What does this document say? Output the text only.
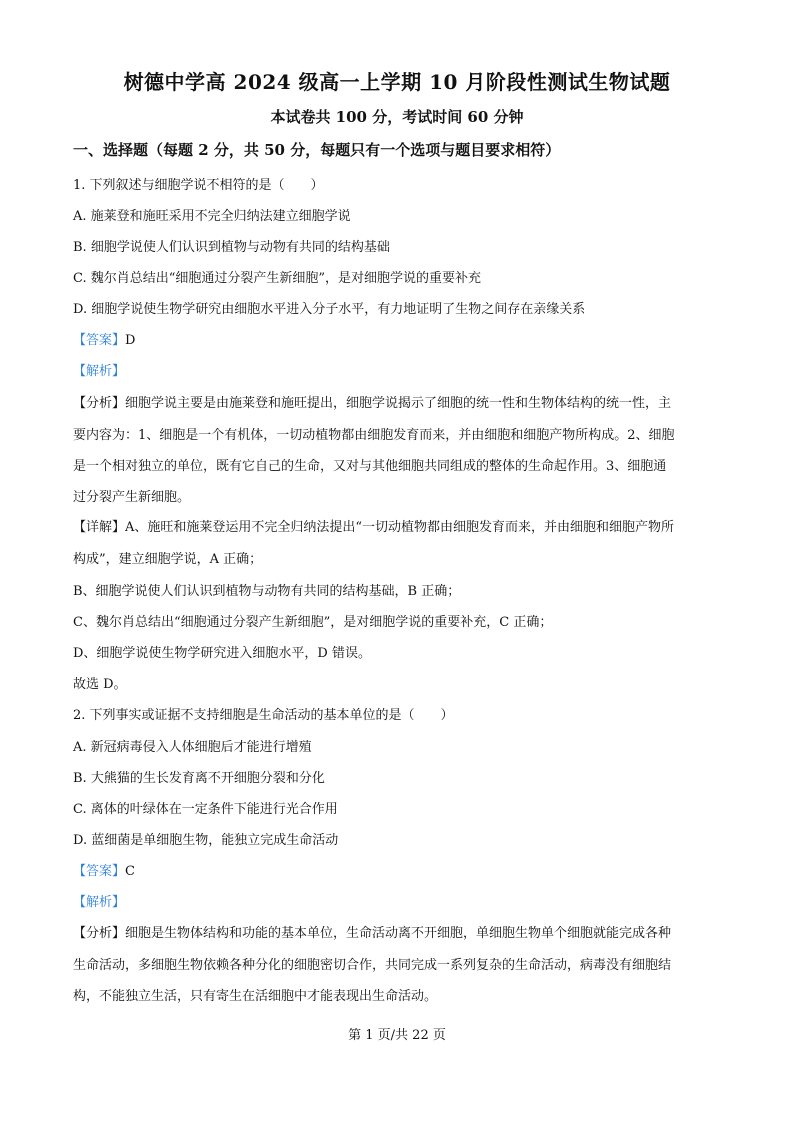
树德中学高 2024 级高一上学期 10 月阶段性测试生物试题
本试卷共 100 分，考试时间 60 分钟
一、选择题（每题 2 分，共 50 分，每题只有一个选项与题目要求相符）
1. 下列叙述与细胞学说不相符的是（　　）
A. 施莱登和施旺采用不完全归纳法建立细胞学说
B. 细胞学说使人们认识到植物与动物有共同的结构基础
C. 魏尔肖总结出“细胞通过分裂产生新细胞”，是对细胞学说的重要补充
D. 细胞学说使生物学研究由细胞水平进入分子水平，有力地证明了生物之间存在亲缘关系
【答案】D
【解析】
【分析】细胞学说主要是由施莱登和施旺提出，细胞学说揭示了细胞的统一性和生物体结构的统一性，主
要内容为：1、细胞是一个有机体，一切动植物都由细胞发育而来，并由细胞和细胞产物所构成。2、细胞
是一个相对独立的单位，既有它自己的生命，又对与其他细胞共同组成的整体的生命起作用。3、细胞通
过分裂产生新细胞。
【详解】A、施旺和施莱登运用不完全归纳法提出“一切动植物都由细胞发育而来，并由细胞和细胞产物所
构成”，建立细胞学说，A 正确；
B、细胞学说使人们认识到植物与动物有共同的结构基础，B 正确；
C、魏尔肖总结出“细胞通过分裂产生新细胞”，是对细胞学说的重要补充，C 正确；
D、细胞学说使生物学研究进入细胞水平，D 错误。
故选 D。
2. 下列事实或证据不支持细胞是生命活动的基本单位的是（　　）
A. 新冠病毒侵入人体细胞后才能进行增殖
B. 大熊猫的生长发育离不开细胞分裂和分化
C. 离体的叶绿体在一定条件下能进行光合作用
D. 蓝细菌是单细胞生物，能独立完成生命活动
【答案】C
【解析】
【分析】细胞是生物体结构和功能的基本单位，生命活动离不开细胞，单细胞生物单个细胞就能完成各种
生命活动，多细胞生物依赖各种分化的细胞密切合作，共同完成一系列复杂的生命活动，病毒没有细胞结
构，不能独立生活，只有寄生在活细胞中才能表现出生命活动。
第 1 页/共 22 页
